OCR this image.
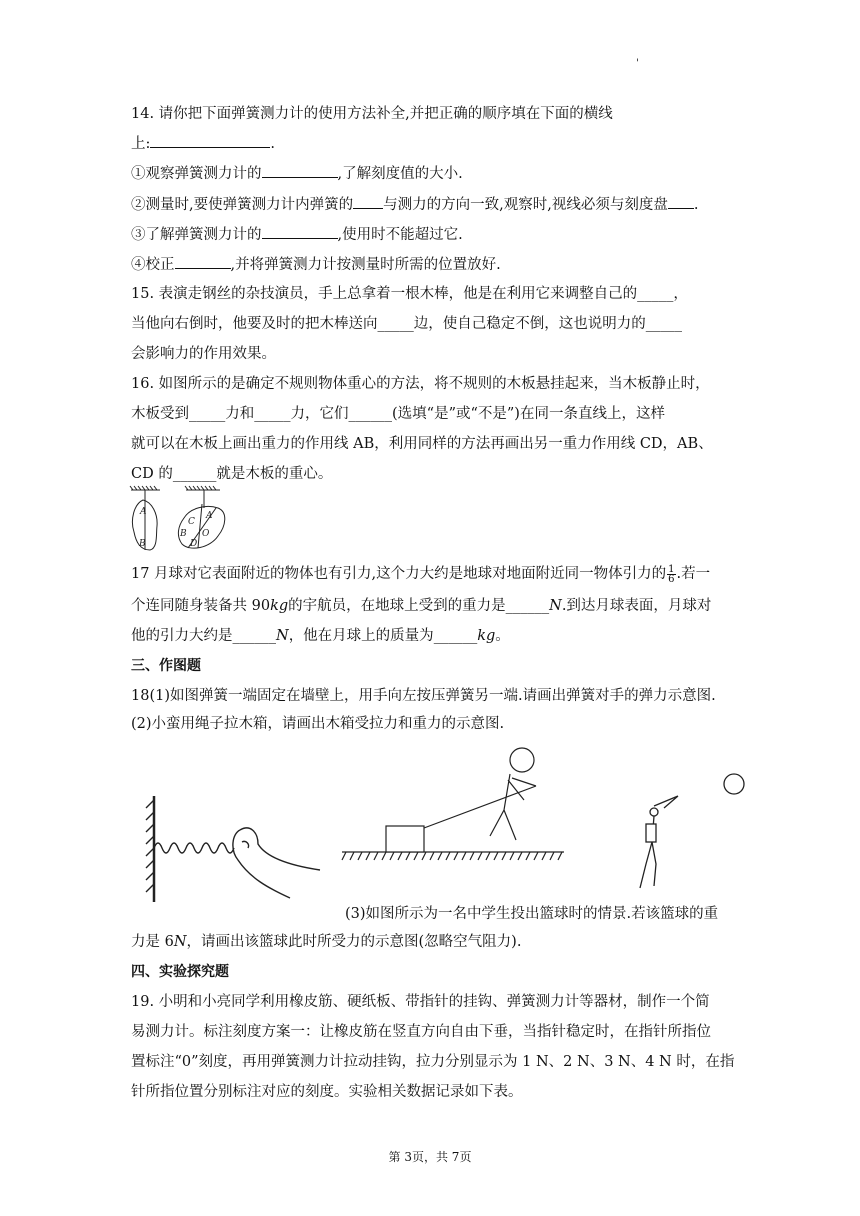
'
14. 请你把下面弹簧测力计的使用方法补全,并把正确的顺序填在下面的横线
上:	.
①观察弹簧测力计的	,了解刻度值的大小.
②测量时,要使弹簧测力计内弹簧的 与测力的方向一致,观察时,视线必须与刻度盘 .
③了解弹簧测力计的	,使用时不能超过它.
④校正	,并将弹簧测力计按测量时所需的位置放好.
15. 表演走钢丝的杂技演员，手上总拿着一根木棒，他是在利用它来调整自己的_____，
当他向右倒时，他要及时的把木棒送向_____边，使自己稳定不倒，这也说明力的_____
会影响力的作用效果。
16. 如图所示的是确定不规则物体重心的方法，将不规则的木板悬挂起来，当木板静止时，
木板受到_____力和_____力，它们______(选填“是”或“不是”)在同一条直线上，这样
就可以在木板上画出重力的作用线 AB，利用同样的方法再画出另一重力作用线 CD，AB、
CD 的______就是木板的重心。
A
B
C
A
B O
D
17 月球对它表面附近的物体也有引力,这个力大约是地球对地面附近同一物体引力的 $\frac{1}{6}$ .若一
个连同随身装备共 90kg的宇航员，在地球上受到的重力是______N.到达月球表面，月球对
他的引力大约是______N，他在月球上的质量为______kg。
三、作图题
18(1)如图弹簧一端固定在墙壁上，用手向左按压弹簧另一端.请画出弹簧对手的弹力示意图.
(2)小蛮用绳子拉木箱，请画出木箱受拉力和重力的示意图.
(3)如图所示为一名中学生投出篮球时的情景.若该篮球的重
力是 6N，请画出该篮球此时所受力的示意图(忽略空气阻力).
四、实验探究题
19. 小明和小亮同学利用橡皮筋、硬纸板、带指针的挂钩、弹簧测力计等器材，制作一个简
易测力计。标注刻度方案一：让橡皮筋在竖直方向自由下垂，当指针稳定时，在指针所指位
置标注“0”刻度，再用弹簧测力计拉动挂钩，拉力分别显示为 1 N、2 N、3 N、4 N 时，在指
针所指位置分别标注对应的刻度。实验相关数据记录如下表。
第 3页，共 7页
